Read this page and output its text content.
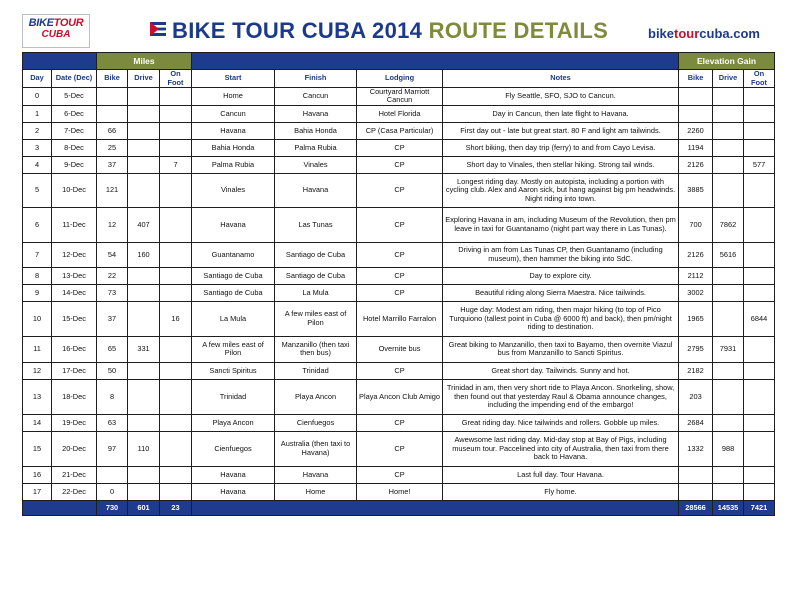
BIKETOUR
CUBA	BIKE TOUR CUBA 2014 ROUTE DETAILS	biketourcuba.com
		Miles							Elevation Gain		
Day	Date (Dec)	Bike	Drive	On Foot	Start	Finish	Lodging	Notes	Bike	Drive	On Foot
0	5-Dec				Home	Cancun	Courtyard Marriott Cancun	Fly Seattle, SFO, SJO to Cancun.			
1	6-Dec				Cancun	Havana	Hotel Florida	Day in Cancun, then late flight to Havana.			
2	7-Dec	66			Havana	Bahia Honda	CP (Casa Particular)	First day out - late but great start. 80 F and light am tailwinds.	2260		
3	8-Dec	25			Bahia Honda	Palma Rubia	CP	Short biking, then day trip (ferry) to and from Cayo Levisa.	1194		
4	9-Dec	37		7	Palma Rubia	Vinales	CP	Short day to Vinales, then stellar hiking. Strong tail winds.	2126		577
5	10-Dec	121			Vinales	Havana	CP	Longest riding day. Mostly on autopista, including a portion with cycling club. Alex and Aaron sick, but hang against big pm headwinds. Night riding into town.	3885		
6	11-Dec	12	407		Havana	Las Tunas	CP	Exploring Havana in am, including Museum of the Revolution, then pm leave in taxi for Guantanamo (night part way there in Las Tunas).	700	7862	
7	12-Dec	54	160		Guantanamo	Santiago de Cuba	CP	Driving in am from Las Tunas CP, then Guantanamo (including museum), then hammer the biking into SdC.	2126	5616	
8	13-Dec	22			Santiago de Cuba	Santiago de Cuba	CP	Day to explore city.	2112		
9	14-Dec	73			Santiago de Cuba	La Mula	CP	Beautiful riding along Sierra Maestra. Nice tailwinds.	3002		
10	15-Dec	37		16	La Mula	A few miles east of Pilon	Hotel Marrillo Farralon	Huge day: Modest am riding, then major hiking (to top of Pico Turquiono (tallest point in Cuba @ 6000 ft) and back), then pm/night riding to destination.	1965		6844
11	16-Dec	65	331		A few miles east of Pilon	Manzanillo (then taxi then bus)	Overnite bus	Great biking to Manzanillo, then taxi to Bayamo, then overnite Viazul bus from Manzanillo to Sancti Spiritus.	2795	7931	
12	17-Dec	50			Sancti Spiritus	Trinidad	CP	Great short day. Tailwinds. Sunny and hot.	2182		
13	18-Dec	8			Trinidad	Playa Ancon	Playa Ancon Club Amigo	Trinidad in am, then very short ride to Playa Ancon. Snorkeling, show, then found out that yesterday Raul & Obama announce changes, including the impending end of the embargo!	203		
14	19-Dec	63			Playa Ancon	Cienfuegos	CP	Great riding day. Nice tailwinds and rollers. Gobble up miles.	2684		
15	20-Dec	97	110		Cienfuegos	Australia (then taxi to Havana)	CP	Awewsome last riding day. Mid-day stop at Bay of Pigs, including museum tour. Paccelined into city of Australia, then taxi from there back to Havana.	1332	988	
16	21-Dec				Havana	Havana	CP	Last full day. Tour Havana.			
17	22-Dec	0			Havana	Home	Home!	Fly home.			
		730	601	23					28566	14535	7421
